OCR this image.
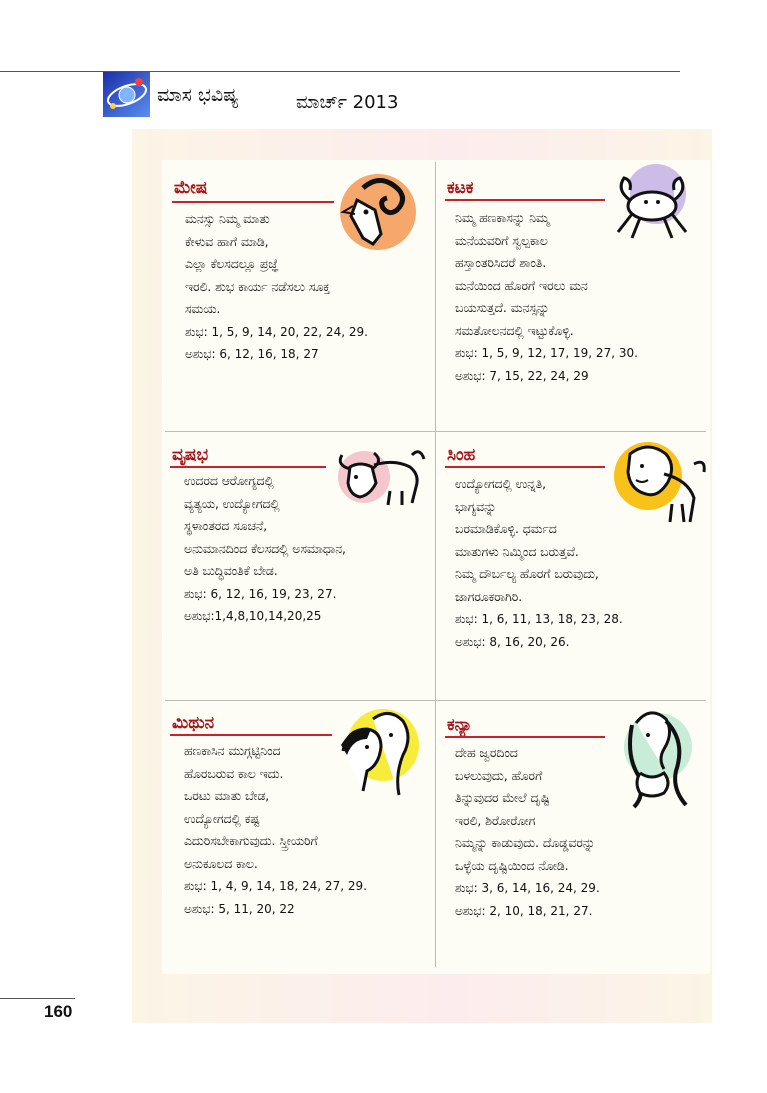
ಮಾಸ ಭವಿಷ್ಯ	ಮಾರ್ಚ್ 2013
ಮೇಷ
ಮನಸ್ಸು ನಿಮ್ಮ ಮಾತು
ಕೇಳುವ ಹಾಗೆ ಮಾಡಿ,
ಎಲ್ಲಾ ಕೆಲಸದಲ್ಲೂ ಪ್ರಜ್ಞೆ
ಇರಲಿ. ಶುಭ ಕಾರ್ಯ ನಡೆಸಲು ಸೂಕ್ತ
ಸಮಯ.
ಶುಭ: 1, 5, 9, 14, 20, 22, 24, 29.
ಅಶುಭ: 6, 12, 16, 18, 27
ಕಟಕ
ನಿಮ್ಮ ಹಣಕಾಸನ್ನು ನಿಮ್ಮ
ಮನೆಯವರಿಗೆ ಸ್ವಲ್ಪಕಾಲ
ಹಸ್ತಾಂತರಿಸಿದರೆ ಶಾಂತಿ.
ಮನೆಯಿಂದ ಹೊರಗೆ ಇರಲು ಮನ
ಬಯಸುತ್ತದೆ. ಮನಸ್ಸನ್ನು
ಸಮತೋಲನದಲ್ಲಿ ಇಟ್ಟುಕೊಳ್ಳಿ.
ಶುಭ: 1, 5, 9, 12, 17, 19, 27, 30.
ಅಶುಭ: 7, 15, 22, 24, 29
ವೃಷಭ
ಉದರದ ಆರೋಗ್ಯದಲ್ಲಿ
ವ್ಯತ್ಯಯ, ಉದ್ಯೋಗದಲ್ಲಿ
ಸ್ಥಳಾಂತರದ ಸೂಚನೆ,
ಅನುಮಾನದಿಂದ ಕೆಲಸದಲ್ಲಿ ಅಸಮಾಧಾನ,
ಅತಿ ಬುದ್ಧಿವಂತಿಕೆ ಬೇಡ.
ಶುಭ: 6, 12, 16, 19, 23, 27.
ಅಶುಭ:1,4,8,10,14,20,25
ಸಿಂಹ
ಉದ್ಯೋಗದಲ್ಲಿ ಉನ್ನತಿ,
ಭಾಗ್ಯವನ್ನು
ಬರಮಾಡಿಕೊಳ್ಳಿ. ಧರ್ಮದ
ಮಾತುಗಳು ನಿಮ್ಮಿಂದ ಬರುತ್ತವೆ.
ನಿಮ್ಮ ದೌರ್ಬಲ್ಯ ಹೊರಗೆ ಬರುವುದು,
ಜಾಗರೂಕರಾಗಿರಿ.
ಶುಭ: 1, 6, 11, 13, 18, 23, 28.
ಅಶುಭ: 8, 16, 20, 26.
ಮಿಥುನ
ಹಣಕಾಸಿನ ಮುಗ್ಗಟ್ಟಿನಿಂದ
ಹೊರಬರುವ ಕಾಲ ಇದು.
ಒರಟು ಮಾತು ಬೇಡ,
ಉದ್ಯೋಗದಲ್ಲಿ ಕಷ್ಟ
ಎದುರಿಸಬೇಕಾಗುವುದು. ಸ್ತ್ರೀಯರಿಗೆ
ಅನುಕೂಲದ ಕಾಲ.
ಶುಭ: 1, 4, 9, 14, 18, 24, 27, 29.
ಅಶುಭ: 5, 11, 20, 22
ಕನ್ಯಾ
ದೇಹ ಜ್ವರದಿಂದ
ಬಳಲುವುದು, ಹೊರಗೆ
ತಿನ್ನುವುದರ ಮೇಲೆ ದೃಷ್ಟಿ
ಇರಲಿ, ಶಿರೋರೋಗ
ನಿಮ್ಮನ್ನು ಕಾಡುವುದು. ದೊಡ್ಡವರನ್ನು
ಒಳ್ಳೆಯ ದೃಷ್ಟಿಯಿಂದ ನೋಡಿ.
ಶುಭ: 3, 6, 14, 16, 24, 29.
ಅಶುಭ: 2, 10, 18, 21, 27.
160
